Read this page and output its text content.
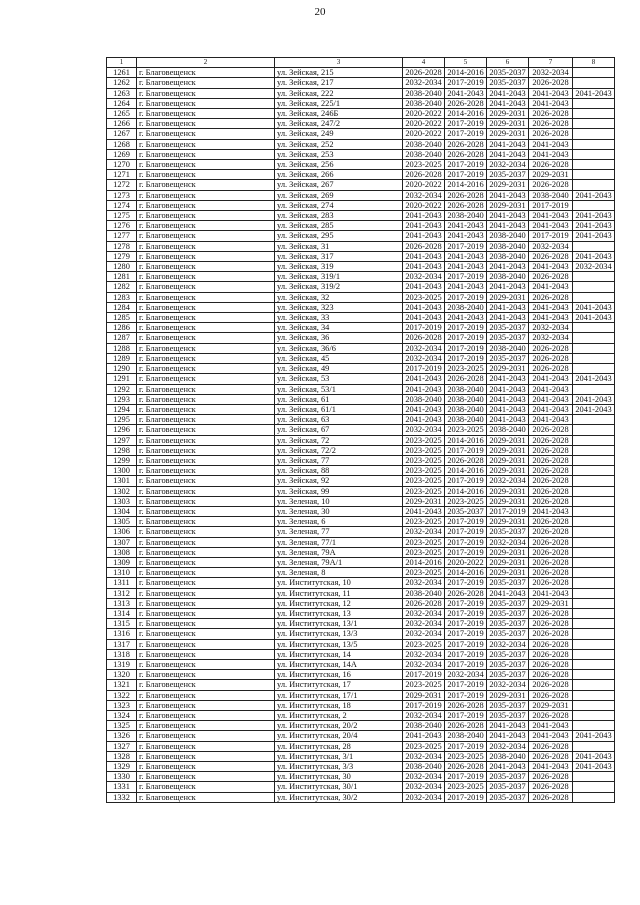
20
1	2	3	4	5	6	7	8
1261	г. Благовещенск	ул. Зейская, 215	2026-2028	2014-2016	2035-2037	2032-2034	
1262	г. Благовещенск	ул. Зейская, 217	2032-2034	2017-2019	2035-2037	2026-2028	
1263	г. Благовещенск	ул. Зейская, 222	2038-2040	2041-2043	2041-2043	2041-2043	2041-2043
1264	г. Благовещенск	ул. Зейская, 225/1	2038-2040	2026-2028	2041-2043	2041-2043	
1265	г. Благовещенск	ул. Зейская, 246Б	2020-2022	2014-2016	2029-2031	2026-2028	
1266	г. Благовещенск	ул. Зейская, 247/2	2020-2022	2017-2019	2029-2031	2026-2028	
1267	г. Благовещенск	ул. Зейская, 249	2020-2022	2017-2019	2029-2031	2026-2028	
1268	г. Благовещенск	ул. Зейская, 252	2038-2040	2026-2028	2041-2043	2041-2043	
1269	г. Благовещенск	ул. Зейская, 253	2038-2040	2026-2028	2041-2043	2041-2043	
1270	г. Благовещенск	ул. Зейская, 256	2023-2025	2017-2019	2032-2034	2026-2028	
1271	г. Благовещенск	ул. Зейская, 266	2026-2028	2017-2019	2035-2037	2029-2031	
1272	г. Благовещенск	ул. Зейская, 267	2020-2022	2014-2016	2029-2031	2026-2028	
1273	г. Благовещенск	ул. Зейская, 269	2032-2034	2026-2028	2041-2043	2038-2040	2041-2043
1274	г. Благовещенск	ул. Зейская, 274	2020-2022	2026-2028	2029-2031	2017-2019	
1275	г. Благовещенск	ул. Зейская, 283	2041-2043	2038-2040	2041-2043	2041-2043	2041-2043
1276	г. Благовещенск	ул. Зейская, 285	2041-2043	2041-2043	2041-2043	2041-2043	2041-2043
1277	г. Благовещенск	ул. Зейская, 295	2041-2043	2041-2043	2038-2040	2017-2019	2041-2043
1278	г. Благовещенск	ул. Зейская, 31	2026-2028	2017-2019	2038-2040	2032-2034	
1279	г. Благовещенск	ул. Зейская, 317	2041-2043	2041-2043	2038-2040	2026-2028	2041-2043
1280	г. Благовещенск	ул. Зейская, 319	2041-2043	2041-2043	2041-2043	2041-2043	2032-2034
1281	г. Благовещенск	ул. Зейская, 319/1	2032-2034	2017-2019	2038-2040	2026-2028	
1282	г. Благовещенск	ул. Зейская, 319/2	2041-2043	2041-2043	2041-2043	2041-2043	
1283	г. Благовещенск	ул. Зейская, 32	2023-2025	2017-2019	2029-2031	2026-2028	
1284	г. Благовещенск	ул. Зейская, 323	2041-2043	2038-2040	2041-2043	2041-2043	2041-2043
1285	г. Благовещенск	ул. Зейская, 33	2041-2043	2041-2043	2041-2043	2041-2043	2041-2043
1286	г. Благовещенск	ул. Зейская, 34	2017-2019	2017-2019	2035-2037	2032-2034	
1287	г. Благовещенск	ул. Зейская, 36	2026-2028	2017-2019	2035-2037	2032-2034	
1288	г. Благовещенск	ул. Зейская, 36/6	2032-2034	2017-2019	2038-2040	2026-2028	
1289	г. Благовещенск	ул. Зейская, 45	2032-2034	2017-2019	2035-2037	2026-2028	
1290	г. Благовещенск	ул. Зейская, 49	2017-2019	2023-2025	2029-2031	2026-2028	
1291	г. Благовещенск	ул. Зейская, 53	2041-2043	2026-2028	2041-2043	2041-2043	2041-2043
1292	г. Благовещенск	ул. Зейская, 53/1	2041-2043	2038-2040	2041-2043	2041-2043	
1293	г. Благовещенск	ул. Зейская, 61	2038-2040	2038-2040	2041-2043	2041-2043	2041-2043
1294	г. Благовещенск	ул. Зейская, 61/1	2041-2043	2038-2040	2041-2043	2041-2043	2041-2043
1295	г. Благовещенск	ул. Зейская, 63	2041-2043	2038-2040	2041-2043	2041-2043	
1296	г. Благовещенск	ул. Зейская, 67	2032-2034	2023-2025	2038-2040	2026-2028	
1297	г. Благовещенск	ул. Зейская, 72	2023-2025	2014-2016	2029-2031	2026-2028	
1298	г. Благовещенск	ул. Зейская, 72/2	2023-2025	2017-2019	2029-2031	2026-2028	
1299	г. Благовещенск	ул. Зейская, 77	2023-2025	2026-2028	2029-2031	2026-2028	
1300	г. Благовещенск	ул. Зейская, 88	2023-2025	2014-2016	2029-2031	2026-2028	
1301	г. Благовещенск	ул. Зейская, 92	2023-2025	2017-2019	2032-2034	2026-2028	
1302	г. Благовещенск	ул. Зейская, 99	2023-2025	2014-2016	2029-2031	2026-2028	
1303	г. Благовещенск	ул. Зеленая, 10	2029-2031	2023-2025	2029-2031	2026-2028	
1304	г. Благовещенск	ул. Зеленая, 30	2041-2043	2035-2037	2017-2019	2041-2043	
1305	г. Благовещенск	ул. Зеленая, 6	2023-2025	2017-2019	2029-2031	2026-2028	
1306	г. Благовещенск	ул. Зеленая, 77	2032-2034	2017-2019	2035-2037	2026-2028	
1307	г. Благовещенск	ул. Зеленая, 77/1	2023-2025	2017-2019	2032-2034	2026-2028	
1308	г. Благовещенск	ул. Зеленая, 79А	2023-2025	2017-2019	2029-2031	2026-2028	
1309	г. Благовещенск	ул. Зеленая, 79А/1	2014-2016	2020-2022	2029-2031	2026-2028	
1310	г. Благовещенск	ул. Зеленая, 8	2023-2025	2014-2016	2029-2031	2026-2028	
1311	г. Благовещенск	ул. Институтская, 10	2032-2034	2017-2019	2035-2037	2026-2028	
1312	г. Благовещенск	ул. Институтская, 11	2038-2040	2026-2028	2041-2043	2041-2043	
1313	г. Благовещенск	ул. Институтская, 12	2026-2028	2017-2019	2035-2037	2029-2031	
1314	г. Благовещенск	ул. Институтская, 13	2032-2034	2017-2019	2035-2037	2026-2028	
1315	г. Благовещенск	ул. Институтская, 13/1	2032-2034	2017-2019	2035-2037	2026-2028	
1316	г. Благовещенск	ул. Институтская, 13/3	2032-2034	2017-2019	2035-2037	2026-2028	
1317	г. Благовещенск	ул. Институтская, 13/5	2023-2025	2017-2019	2032-2034	2026-2028	
1318	г. Благовещенск	ул. Институтская, 14	2032-2034	2017-2019	2035-2037	2026-2028	
1319	г. Благовещенск	ул. Институтская, 14А	2032-2034	2017-2019	2035-2037	2026-2028	
1320	г. Благовещенск	ул. Институтская, 16	2017-2019	2032-2034	2035-2037	2026-2028	
1321	г. Благовещенск	ул. Институтская, 17	2023-2025	2017-2019	2032-2034	2026-2028	
1322	г. Благовещенск	ул. Институтская, 17/1	2029-2031	2017-2019	2029-2031	2026-2028	
1323	г. Благовещенск	ул. Институтская, 18	2017-2019	2026-2028	2035-2037	2029-2031	
1324	г. Благовещенск	ул. Институтская, 2	2032-2034	2017-2019	2035-2037	2026-2028	
1325	г. Благовещенск	ул. Институтская, 20/2	2038-2040	2026-2028	2041-2043	2041-2043	
1326	г. Благовещенск	ул. Институтская, 20/4	2041-2043	2038-2040	2041-2043	2041-2043	2041-2043
1327	г. Благовещенск	ул. Институтская, 28	2023-2025	2017-2019	2032-2034	2026-2028	
1328	г. Благовещенск	ул. Институтская, 3/1	2032-2034	2023-2025	2038-2040	2026-2028	2041-2043
1329	г. Благовещенск	ул. Институтская, 3/3	2038-2040	2026-2028	2041-2043	2041-2043	2041-2043
1330	г. Благовещенск	ул. Институтская, 30	2032-2034	2017-2019	2035-2037	2026-2028	
1331	г. Благовещенск	ул. Институтская, 30/1	2032-2034	2023-2025	2035-2037	2026-2028	
1332	г. Благовещенск	ул. Институтская, 30/2	2032-2034	2017-2019	2035-2037	2026-2028	
